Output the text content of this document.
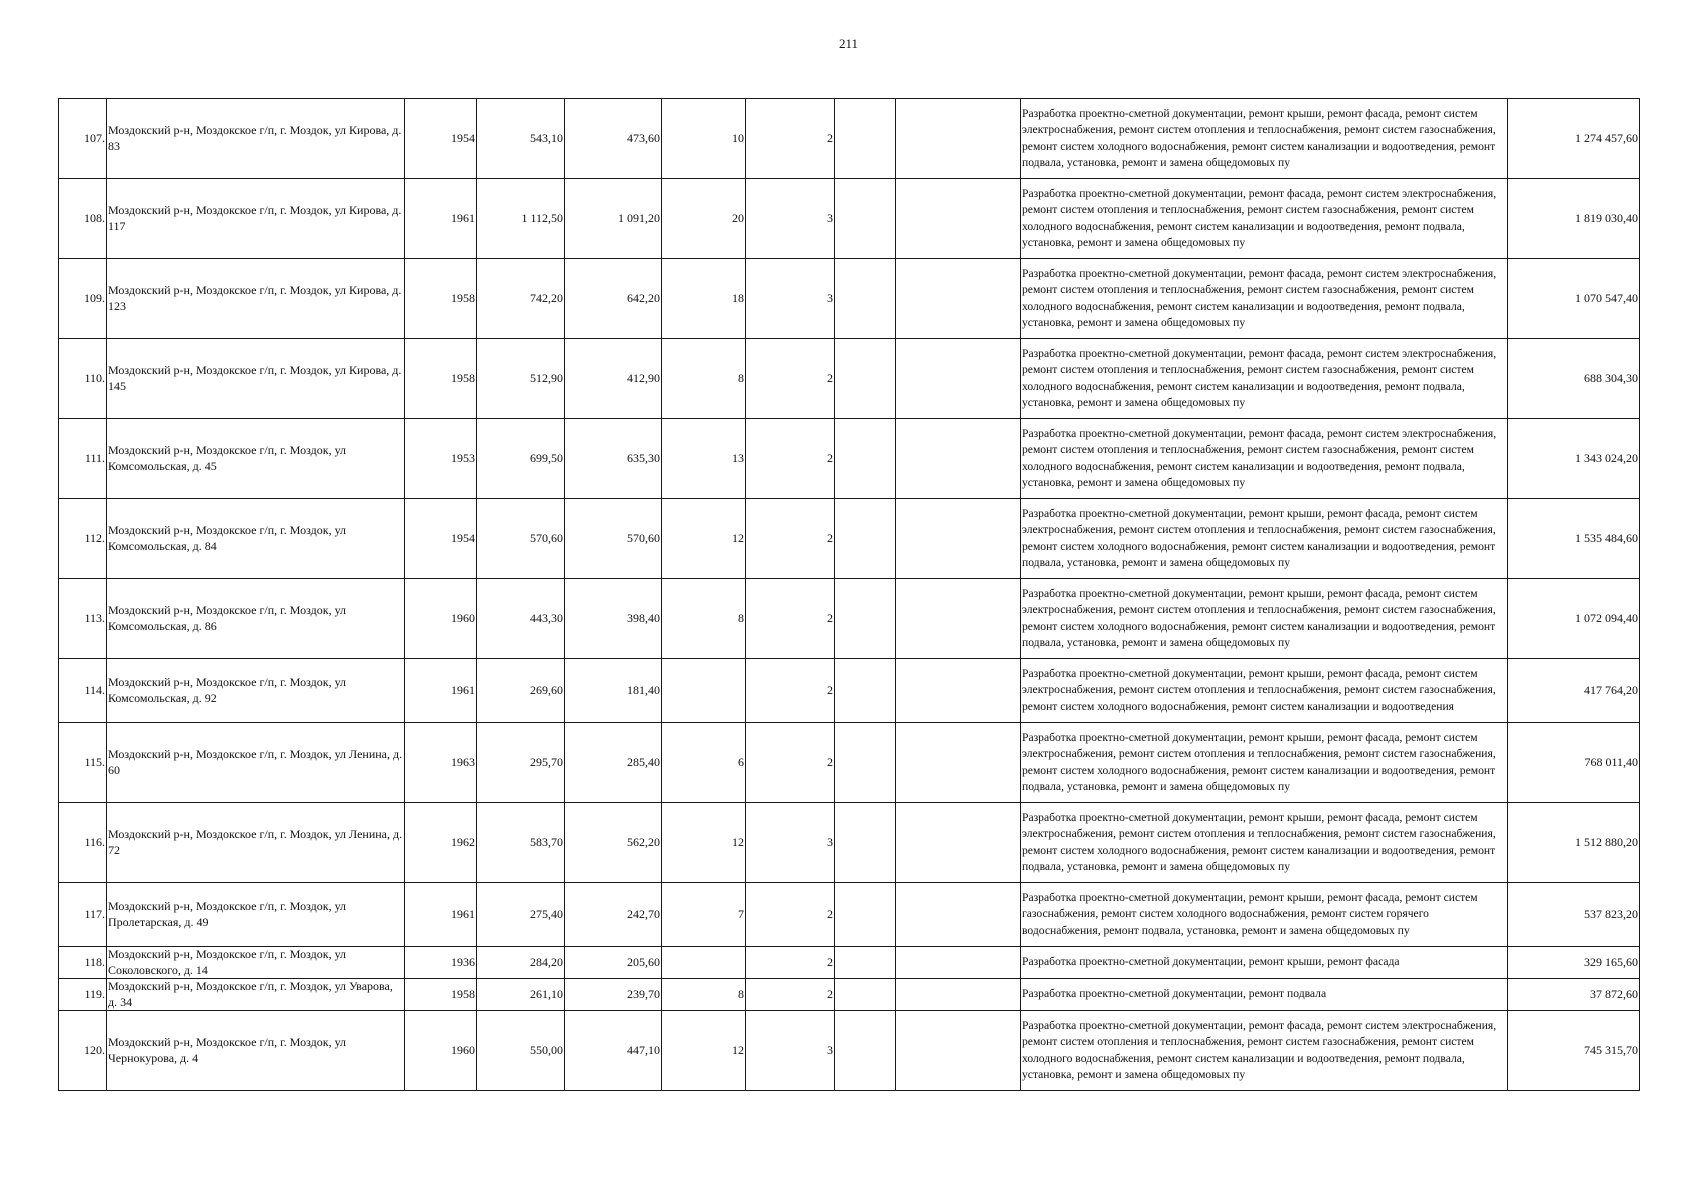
211
107.	Моздокский р-н, Моздокское г/п, г. Моздок, ул Кирова, д. 83	1954	543,10	473,60	10	2			Разработка проектно-сметной документации, ремонт крыши, ремонт фасада, ремонт систем электроснабжения, ремонт систем отопления и теплоснабжения, ремонт систем газоснабжения, ремонт систем холодного водоснабжения, ремонт систем канализации и водоотведения, ремонт подвала, установка, ремонт и замена общедомовых пу	1 274 457,60
108.	Моздокский р-н, Моздокское г/п, г. Моздок, ул Кирова, д. 117	1961	1 112,50	1 091,20	20	3			Разработка проектно-сметной документации, ремонт фасада, ремонт систем электроснабжения, ремонт систем отопления и теплоснабжения, ремонт систем газоснабжения, ремонт систем холодного водоснабжения, ремонт систем канализации и водоотведения, ремонт подвала, установка, ремонт и замена общедомовых пу	1 819 030,40
109.	Моздокский р-н, Моздокское г/п, г. Моздок, ул Кирова, д. 123	1958	742,20	642,20	18	3			Разработка проектно-сметной документации, ремонт фасада, ремонт систем электроснабжения, ремонт систем отопления и теплоснабжения, ремонт систем газоснабжения, ремонт систем холодного водоснабжения, ремонт систем канализации и водоотведения, ремонт подвала, установка, ремонт и замена общедомовых пу	1 070 547,40
110.	Моздокский р-н, Моздокское г/п, г. Моздок, ул Кирова, д. 145	1958	512,90	412,90	8	2			Разработка проектно-сметной документации, ремонт фасада, ремонт систем электроснабжения, ремонт систем отопления и теплоснабжения, ремонт систем газоснабжения, ремонт систем холодного водоснабжения, ремонт систем канализации и водоотведения, ремонт подвала, установка, ремонт и замена общедомовых пу	688 304,30
111.	Моздокский р-н, Моздокское г/п, г. Моздок, ул Комсомольская, д. 45	1953	699,50	635,30	13	2			Разработка проектно-сметной документации, ремонт фасада, ремонт систем электроснабжения, ремонт систем отопления и теплоснабжения, ремонт систем газоснабжения, ремонт систем холодного водоснабжения, ремонт систем канализации и водоотведения, ремонт подвала, установка, ремонт и замена общедомовых пу	1 343 024,20
112.	Моздокский р-н, Моздокское г/п, г. Моздок, ул Комсомольская, д. 84	1954	570,60	570,60	12	2			Разработка проектно-сметной документации, ремонт крыши, ремонт фасада, ремонт систем электроснабжения, ремонт систем отопления и теплоснабжения, ремонт систем газоснабжения, ремонт систем холодного водоснабжения, ремонт систем канализации и водоотведения, ремонт подвала, установка, ремонт и замена общедомовых пу	1 535 484,60
113.	Моздокский р-н, Моздокское г/п, г. Моздок, ул Комсомольская, д. 86	1960	443,30	398,40	8	2			Разработка проектно-сметной документации, ремонт крыши, ремонт фасада, ремонт систем электроснабжения, ремонт систем отопления и теплоснабжения, ремонт систем газоснабжения, ремонт систем холодного водоснабжения, ремонт систем канализации и водоотведения, ремонт подвала, установка, ремонт и замена общедомовых пу	1 072 094,40
114.	Моздокский р-н, Моздокское г/п, г. Моздок, ул Комсомольская, д. 92	1961	269,60	181,40		2			Разработка проектно-сметной документации, ремонт крыши, ремонт фасада, ремонт систем электроснабжения, ремонт систем отопления и теплоснабжения, ремонт систем газоснабжения, ремонт систем холодного водоснабжения, ремонт систем канализации и водоотведения	417 764,20
115.	Моздокский р-н, Моздокское г/п, г. Моздок, ул Ленина, д. 60	1963	295,70	285,40	6	2			Разработка проектно-сметной документации, ремонт крыши, ремонт фасада, ремонт систем электроснабжения, ремонт систем отопления и теплоснабжения, ремонт систем газоснабжения, ремонт систем холодного водоснабжения, ремонт систем канализации и водоотведения, ремонт подвала, установка, ремонт и замена общедомовых пу	768 011,40
116.	Моздокский р-н, Моздокское г/п, г. Моздок, ул Ленина, д. 72	1962	583,70	562,20	12	3			Разработка проектно-сметной документации, ремонт крыши, ремонт фасада, ремонт систем электроснабжения, ремонт систем отопления и теплоснабжения, ремонт систем газоснабжения, ремонт систем холодного водоснабжения, ремонт систем канализации и водоотведения, ремонт подвала, установка, ремонт и замена общедомовых пу	1 512 880,20
117.	Моздокский р-н, Моздокское г/п, г. Моздок, ул Пролетарская, д. 49	1961	275,40	242,70	7	2			Разработка проектно-сметной документации, ремонт крыши, ремонт фасада, ремонт систем газоснабжения, ремонт систем холодного водоснабжения, ремонт систем горячего водоснабжения, ремонт подвала, установка, ремонт и замена общедомовых пу	537 823,20
118.	Моздокский р-н, Моздокское г/п, г. Моздок, ул Соколовского, д. 14	1936	284,20	205,60		2			Разработка проектно-сметной документации, ремонт крыши, ремонт фасада	329 165,60
119.	Моздокский р-н, Моздокское г/п, г. Моздок, ул Уварова, д. 34	1958	261,10	239,70	8	2			Разработка проектно-сметной документации, ремонт подвала	37 872,60
120.	Моздокский р-н, Моздокское г/п, г. Моздок, ул Чернокурова, д. 4	1960	550,00	447,10	12	3			Разработка проектно-сметной документации, ремонт фасада, ремонт систем электроснабжения, ремонт систем отопления и теплоснабжения, ремонт систем газоснабжения, ремонт систем холодного водоснабжения, ремонт систем канализации и водоотведения, ремонт подвала, установка, ремонт и замена общедомовых пу	745 315,70
